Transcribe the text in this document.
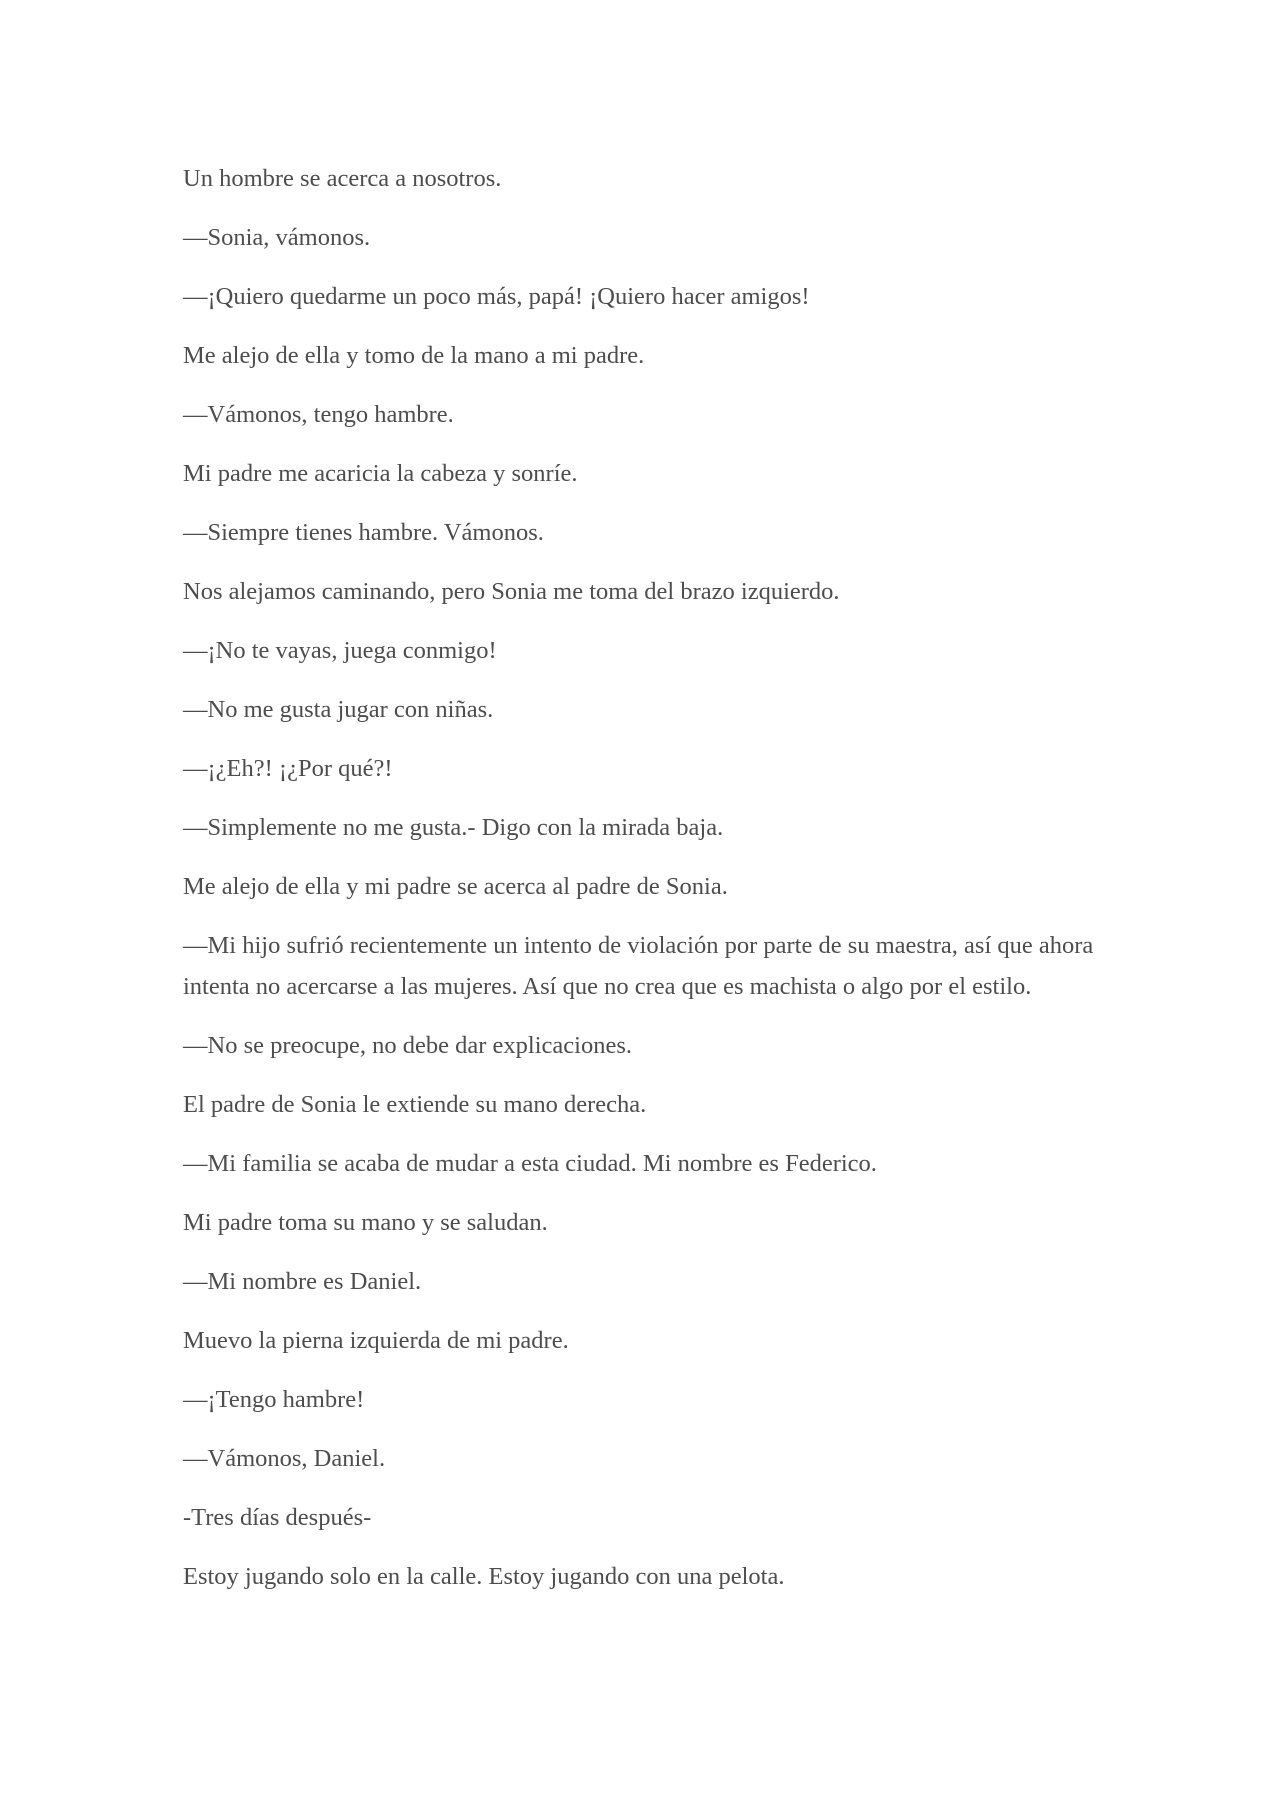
Un hombre se acerca a nosotros.

—Sonia, vámonos.

—¡Quiero quedarme un poco más, papá! ¡Quiero hacer amigos!

Me alejo de ella y tomo de la mano a mi padre.

—Vámonos, tengo hambre.

Mi padre me acaricia la cabeza y sonríe.

—Siempre tienes hambre. Vámonos.

Nos alejamos caminando, pero Sonia me toma del brazo izquierdo.

—¡No te vayas, juega conmigo!

—No me gusta jugar con niñas.

—¡¿Eh?! ¡¿Por qué?!

—Simplemente no me gusta.- Digo con la mirada baja.

Me alejo de ella y mi padre se acerca al padre de Sonia.

—Mi hijo sufrió recientemente un intento de violación por parte de su maestra, así que ahora intenta no acercarse a las mujeres. Así que no crea que es machista o algo por el estilo.

—No se preocupe, no debe dar explicaciones.

El padre de Sonia le extiende su mano derecha.

—Mi familia se acaba de mudar a esta ciudad. Mi nombre es Federico.

Mi padre toma su mano y se saludan.

—Mi nombre es Daniel.

Muevo la pierna izquierda de mi padre.

—¡Tengo hambre!

—Vámonos, Daniel.

-Tres días después-

Estoy jugando solo en la calle. Estoy jugando con una pelota.
